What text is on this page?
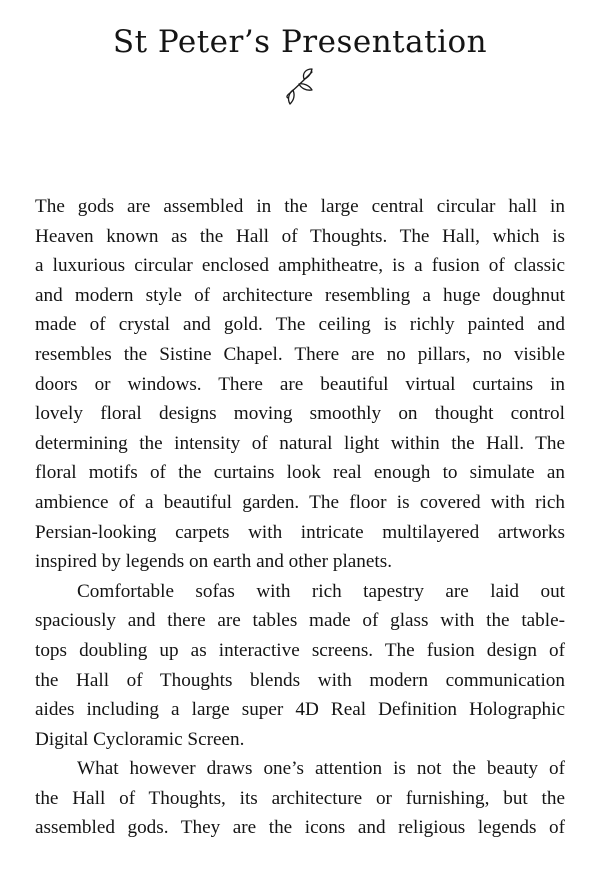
St Peter’s Presentation

The gods are assembled in the large central circular hall in
Heaven known as the Hall of Thoughts. The Hall, which is
a luxurious circular enclosed amphitheatre, is a fusion of classic
and modern style of architecture resembling a huge doughnut
made of crystal and gold. The ceiling is richly painted and
resembles the Sistine Chapel. There are no pillars, no visible
doors or windows. There are beautiful virtual curtains in
lovely floral designs moving smoothly on thought control
determining the intensity of natural light within the Hall. The
floral motifs of the curtains look real enough to simulate an
ambience of a beautiful garden. The floor is covered with rich
Persian-looking carpets with intricate multilayered artworks
inspired by legends on earth and other planets.

Comfortable sofas with rich tapestry are laid out
spaciously and there are tables made of glass with the table-
tops doubling up as interactive screens. The fusion design of
the Hall of Thoughts blends with modern communication
aides including a large super 4D Real Definition Holographic
Digital Cycloramic Screen.

What however draws one’s attention is not the beauty of
the Hall of Thoughts, its architecture or furnishing, but the
assembled gods. They are the icons and religious legends of
